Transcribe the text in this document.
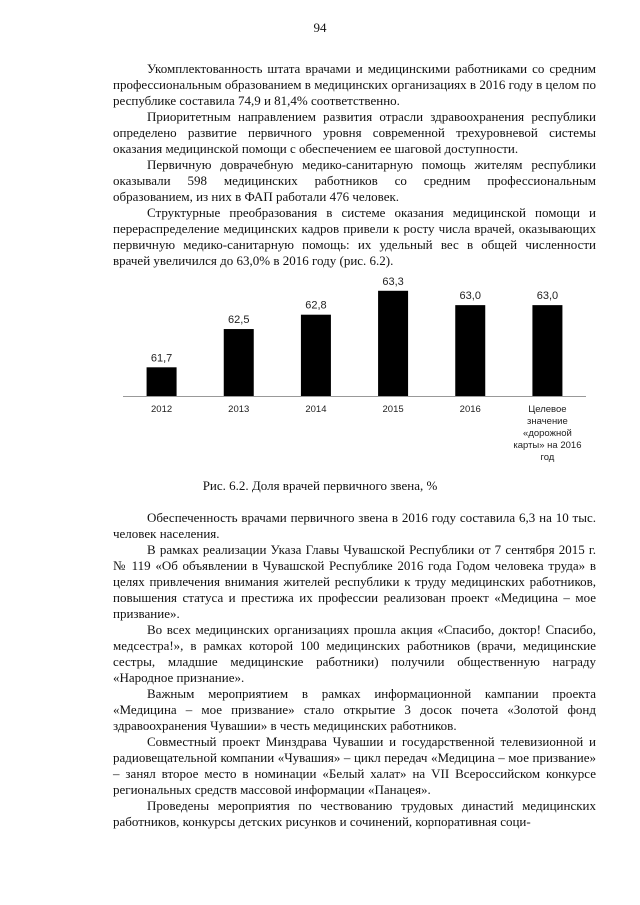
94

Укомплектованность штата врачами и медицинскими работниками со средним профессиональным образованием в медицинских организациях в 2016 году в целом по республике составила 74,9 и 81,4% соответственно.

Приоритетным направлением развития отрасли здравоохранения республики определено развитие первичного уровня современной трехуровневой системы оказания медицинской помощи с обеспечением ее шаговой доступности.

Первичную доврачебную медико-санитарную помощь жителям республики оказывали 598 медицинских работников со средним профессиональным образованием, из них в ФАП работали 476 человек.

Структурные преобразования в системе оказания медицинской помощи и перераспределение медицинских кадров привели к росту числа врачей, оказывающих первичную медико-санитарную помощь: их удельный вес в общей численности врачей увеличился до 63,0% в 2016 году (рис. 6.2).

61,7
2012
62,5
2013
62,8
2014
63,3
2015
63,0
2016
63,0
Целевое значение «дорожной карты» на 2016 год
Рис. 6.2. Доля врачей первичного звена, %

Обеспеченность врачами первичного звена в 2016 году составила 6,3 на 10 тыс. человек населения.

В рамках реализации Указа Главы Чувашской Республики от 7 сентября 2015 г. № 119 «Об объявлении в Чувашской Республике 2016 года Годом человека труда» в целях привлечения внимания жителей республики к труду медицинских работников, повышения статуса и престижа их профессии реализован проект «Медицина – мое призвание».

Во всех медицинских организациях прошла акция «Спасибо, доктор! Спасибо, медсестра!», в рамках которой 100 медицинских работников (врачи, медицинские сестры, младшие медицинские работники) получили общественную награду «Народное признание».

Важным мероприятием в рамках информационной кампании проекта «Медицина – мое призвание» стало открытие 3 досок почета «Золотой фонд здравоохранения Чувашии» в честь медицинских работников.

Совместный проект Минздрава Чувашии и государственной телевизионной и радиовещательной компании «Чувашия» – цикл передач «Медицина – мое призвание» – занял второе место в номинации «Белый халат» на VII Всероссийском конкурсе региональных средств массовой информации «Панацея».

Проведены мероприятия по чествованию трудовых династий медицинских работников, конкурсы детских рисунков и сочинений, корпоративная соци-
